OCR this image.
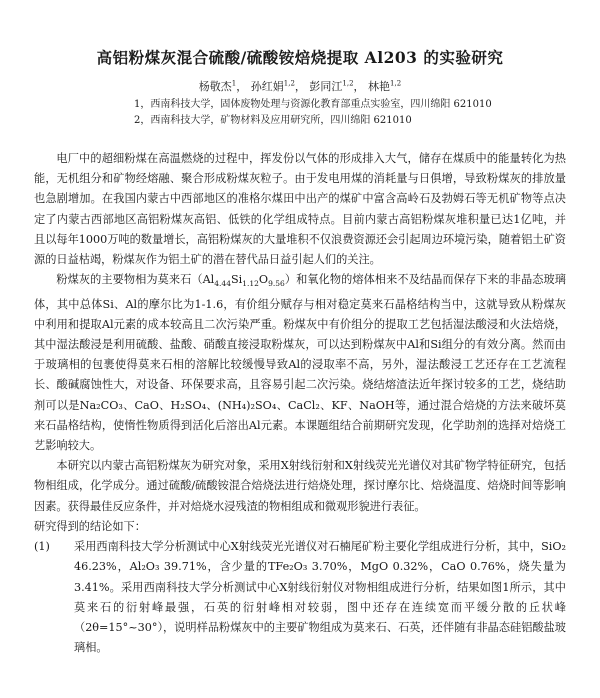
高铝粉煤灰混合硫酸/硫酸铵焙烧提取 Al203 的实验研究
杨敬杰$^1$， 孙红娟$^{1,2}$， 彭同江$^{1,2}$， 林艳$^{1,2}$

1，西南科技大学，固体废物处理与资源化教育部重点实验室，四川绵阳 621010

2，西南科技大学，矿物材料及应用研究所，四川绵阳 621010

电厂中的超细粉煤在高温燃烧的过程中，挥发份以气体的形成排入大气，储存在煤质中的能量转化为热能，无机组分和矿物经熔融、聚合形成粉煤灰粒子。由于发电用煤的消耗量与日俱增，导致粉煤灰的排放量也急剧增加。在我国内蒙古中西部地区的准格尔煤田中出产的煤矿中富含高岭石及勃姆石等无机矿物等点决定了内蒙古西部地区高铝粉煤灰高铝、低铁的化学组成特点。目前内蒙古高铝粉煤灰堆积量已达1亿吨，并且以每年1000万吨的数量增长，高铝粉煤灰的大量堆积不仅浪费资源还会引起周边环境污染，随着铝土矿资源的日益枯竭，粉煤灰作为铝土矿的潜在替代品日益引起人们的关注。

粉煤灰的主要物相为莫来石$(Al_{4.44}Si_{1.12}O_{9.56})$和氧化物的熔体相来不及结晶而保存下来的非晶态玻璃体，其中总体Si、Al的摩尔比为1-1.6，有价组分赋存与相对稳定莫来石晶格结构当中，这就导致从粉煤灰中利用和提取Al元素的成本较高且二次污染严重。粉煤灰中有价组分的提取工艺包括湿法酸浸和火法焙烧，其中湿法酸浸是利用硫酸、盐酸、硝酸直接浸取粉煤灰，可以达到粉煤灰中Al和Si组分的有效分离。然而由于玻璃相的包裹使得莫来石相的溶解比较缓慢导致Al的浸取率不高，另外，湿法酸浸工艺还存在工艺流程长、酸碱腐蚀性大，对设备、环保要求高，且容易引起二次污染。烧结熔渣法近年探讨较多的工艺，烧结助剂可以是Na₂CO₃、CaO、H₂SO₄、(NH₄)₂SO₄、CaCl₂、KF、NaOH等，通过混合焙烧的方法来破坏莫来石晶格结构，使惰性物质得到活化后溶出Al元素。本课题组结合前期研究发现，化学助剂的选择对焙烧工艺影响较大。

本研究以内蒙古高铝粉煤灰为研究对象，采用X射线衍射和X射线荧光光谱仪对其矿物学特征研究，包括物相组成，化学成分。通过硫酸/硫酸铵混合焙烧法进行焙烧处理，探讨摩尔比、焙烧温度、焙烧时间等影响因素。获得最佳反应条件，并对焙烧水浸残渣的物相组成和微观形貌进行表征。

研究得到的结论如下：

(1)	采用西南科技大学分析测试中心X射线荧光光谱仪对石楠尾矿粉主要化学组成进行分析，其中，SiO₂ 46.23%，Al₂O₃ 39.71%，含少量的TFe₂O₃ 3.70%，MgO 0.32%，CaO 0.76%，烧失量为3.41%。采用西南科技大学分析测试中心X射线衍射仪对物相组成进行分析，结果如图1所示，其中莫来石的衍射峰最强，石英的衍射峰相对较弱，图中还存在连续宽而平缓分散的丘状峰（2θ=15°~30°），说明样品粉煤灰中的主要矿物组成为莫来石、石英，还伴随有非晶态硅铝酸盐玻璃相。
